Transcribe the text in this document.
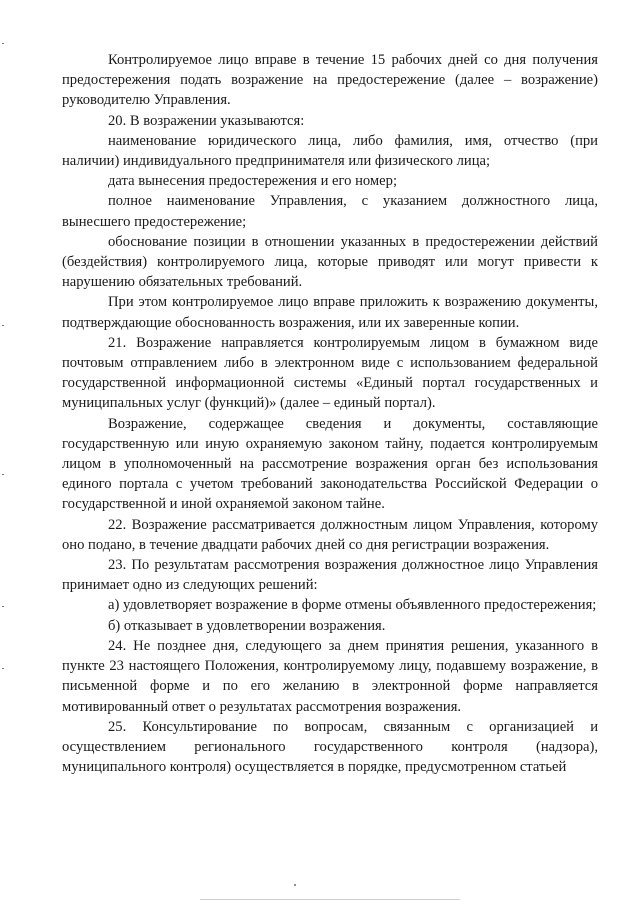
Контролируемое лицо вправе в течение 15 рабочих дней со дня получения предостережения подать возражение на предостережение (далее – возражение) руководителю Управления.

20. В возражении указываются:

наименование юридического лица, либо фамилия, имя, отчество (при наличии) индивидуального предпринимателя или физического лица;

дата вынесения предостережения и его номер;

полное наименование Управления, с указанием должностного лица, вынесшего предостережение;

обоснование позиции в отношении указанных в предостережении действий (бездействия) контролируемого лица, которые приводят или могут привести к нарушению обязательных требований.

При этом контролируемое лицо вправе приложить к возражению документы, подтверждающие обоснованность возражения, или их заверенные копии.

21. Возражение направляется контролируемым лицом в бумажном виде почтовым отправлением либо в электронном виде с использованием федеральной государственной информационной системы «Единый портал государственных и муниципальных услуг (функций)» (далее – единый портал).

Возражение, содержащее сведения и документы, составляющие государственную или иную охраняемую законом тайну, подается контролируемым лицом в уполномоченный на рассмотрение возражения орган без использования единого портала с учетом требований законодательства Российской Федерации о государственной и иной охраняемой законом тайне.

22. Возражение рассматривается должностным лицом Управления, которому оно подано, в течение двадцати рабочих дней со дня регистрации возражения.

23. По результатам рассмотрения возражения должностное лицо Управления принимает одно из следующих решений:

а) удовлетворяет возражение в форме отмены объявленного предостережения;

б) отказывает в удовлетворении возражения.

24. Не позднее дня, следующего за днем принятия решения, указанного в пункте 23 настоящего Положения, контролируемому лицу, подавшему возражение, в письменной форме и по его желанию в электронной форме направляется мотивированный ответ о результатах рассмотрения возражения.

25. Консультирование по вопросам, связанным с организацией и осуществлением регионального государственного контроля (надзора), муниципального контроля) осуществляется в порядке, предусмотренном статьей
